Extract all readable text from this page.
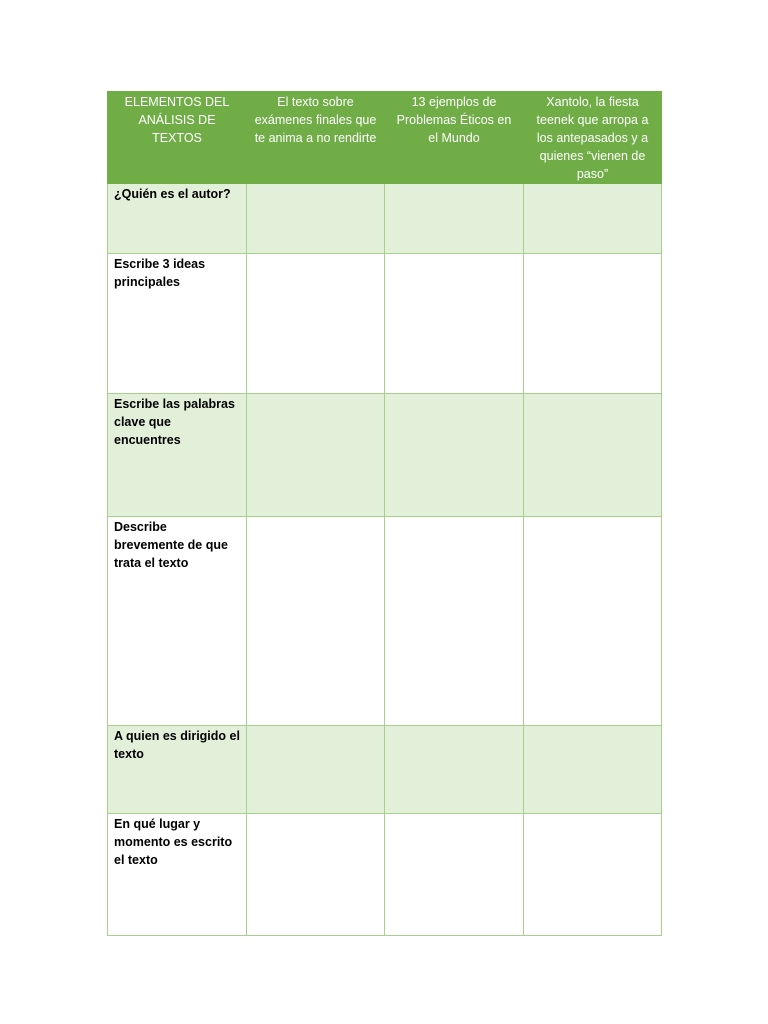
ELEMENTOS DEL ANÁLISIS DE TEXTOS	El texto sobre exámenes finales que te anima a no rendirte	13 ejemplos de Problemas Éticos en el Mundo	Xantolo, la fiesta teenek que arropa a los antepasados y a quienes “vienen de paso”
¿Quién es el autor?			
Escribe 3 ideas principales			
Escribe las palabras clave que encuentres			
Describe brevemente de que trata el texto			
A quien es dirigido el texto			
En qué lugar y momento es escrito el texto			
